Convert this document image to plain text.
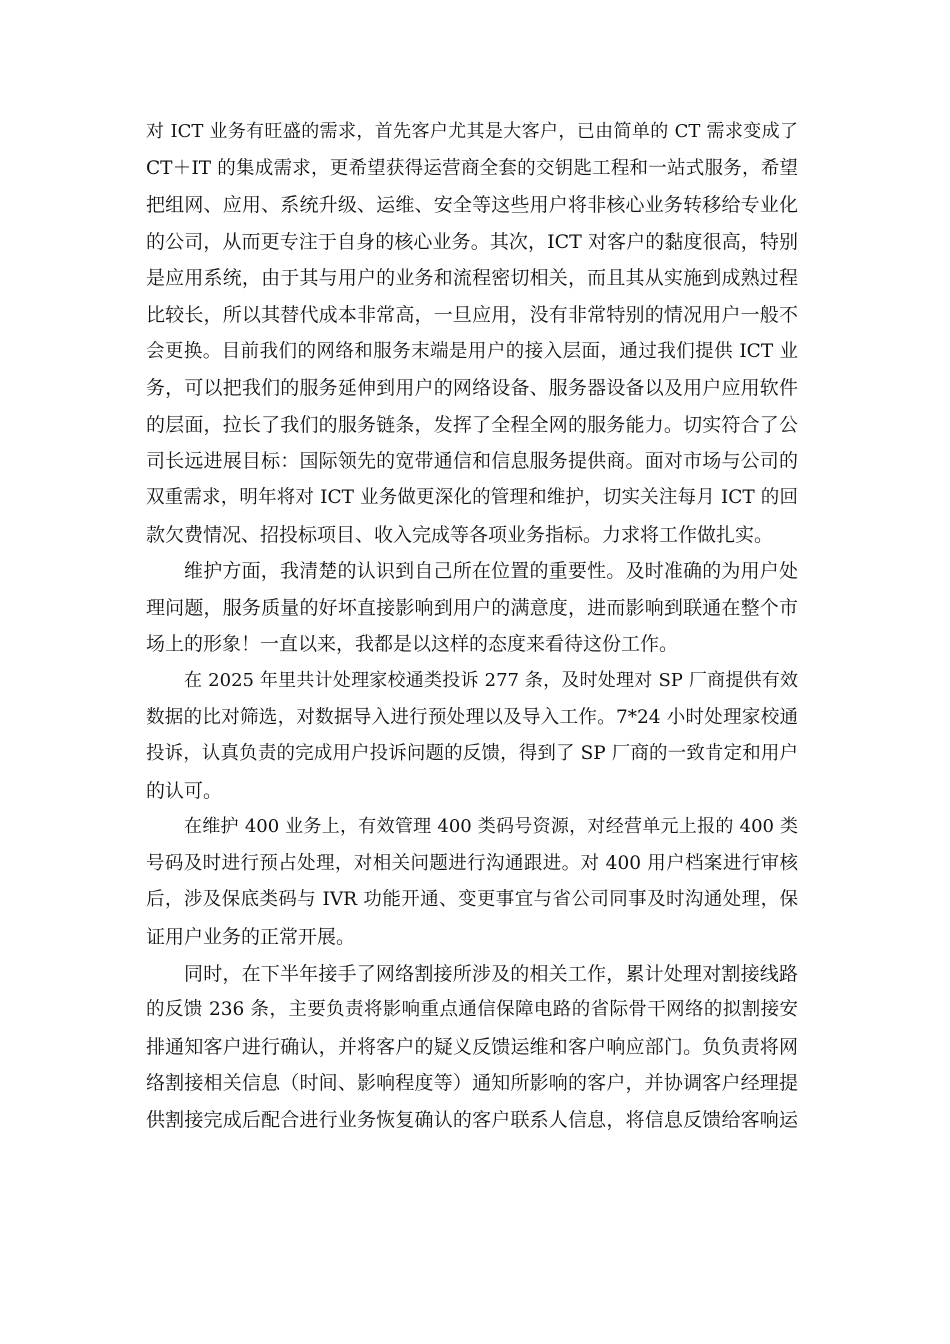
对 ICT 业务有旺盛的需求，首先客户尤其是大客户，已由简单的 CT 需求变成了
CT＋IT 的集成需求，更希望获得运营商全套的交钥匙工程和一站式服务，希望
把组网、应用、系统升级、运维、安全等这些用户将非核心业务转移给专业化
的公司，从而更专注于自身的核心业务。其次，ICT 对客户的黏度很高，特别
是应用系统，由于其与用户的业务和流程密切相关，而且其从实施到成熟过程
比较长，所以其替代成本非常高，一旦应用，没有非常特别的情况用户一般不
会更换。目前我们的网络和服务末端是用户的接入层面，通过我们提供 ICT 业
务，可以把我们的服务延伸到用户的网络设备、服务器设备以及用户应用软件
的层面，拉长了我们的服务链条，发挥了全程全网的服务能力。切实符合了公
司长远进展目标：国际领先的宽带通信和信息服务提供商。面对市场与公司的
双重需求，明年将对 ICT 业务做更深化的管理和维护，切实关注每月 ICT 的回
款欠费情况、招投标项目、收入完成等各项业务指标。力求将工作做扎实。
维护方面，我清楚的认识到自己所在位置的重要性。及时准确的为用户处
理问题，服务质量的好坏直接影响到用户的满意度，进而影响到联通在整个市
场上的形象！一直以来，我都是以这样的态度来看待这份工作。
在 2025 年里共计处理家校通类投诉 277 条，及时处理对 SP 厂商提供有效
数据的比对筛选，对数据导入进行预处理以及导入工作。7*24 小时处理家校通
投诉，认真负责的完成用户投诉问题的反馈，得到了 SP 厂商的一致肯定和用户
的认可。
在维护 400 业务上，有效管理 400 类码号资源，对经营单元上报的 400 类
号码及时进行预占处理，对相关问题进行沟通跟进。对 400 用户档案进行审核
后，涉及保底类码与 IVR 功能开通、变更事宜与省公司同事及时沟通处理，保
证用户业务的正常开展。
同时，在下半年接手了网络割接所涉及的相关工作，累计处理对割接线路
的反馈 236 条，主要负责将影响重点通信保障电路的省际骨干网络的拟割接安
排通知客户进行确认，并将客户的疑义反馈运维和客户响应部门。负负责将网
络割接相关信息（时间、影响程度等）通知所影响的客户，并协调客户经理提
供割接完成后配合进行业务恢复确认的客户联系人信息，将信息反馈给客响运
